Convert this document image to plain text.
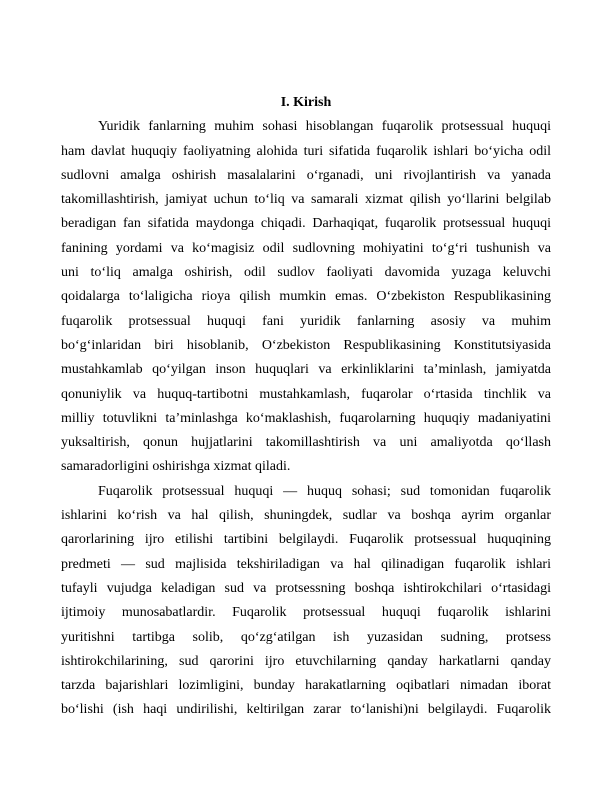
I. Kirish
Yuridik fanlarning muhim sohasi hisoblangan fuqarolik protsessual huquqi
ham davlat huquqiy faoliyatning alohida turi sifatida fuqarolik ishlari bo‘yicha odil
sudlovni amalga oshirish masalalarini o‘rganadi, uni rivojlantirish va yanada
takomillashtirish, jamiyat uchun to‘liq va samarali xizmat qilish yo‘llarini belgilab
beradigan fan sifatida maydonga chiqadi. Darhaqiqat, fuqarolik protsessual huquqi
fanining yordami va ko‘magisiz odil sudlovning mohiyatini to‘g‘ri tushunish va
uni to‘liq amalga oshirish, odil sudlov faoliyati davomida yuzaga keluvchi
qoidalarga to‘laligicha rioya qilish mumkin emas. O‘zbekiston Respublikasining
fuqarolik protsessual huquqi fani yuridik fanlarning asosiy va muhim
bo‘g‘inlaridan biri hisoblanib, O‘zbekiston Respublikasining Konstitutsiyasida
mustahkamlab qo‘yilgan inson huquqlari va erkinliklarini ta’minlash, jamiyatda
qonuniylik va huquq-tartibotni mustahkamlash, fuqarolar o‘rtasida tinchlik va
milliy totuvlikni ta’minlashga ko‘maklashish, fuqarolarning huquqiy madaniyatini
yuksaltirish, qonun hujjatlarini takomillashtirish va uni amaliyotda qo‘llash
samaradorligini oshirishga xizmat qiladi.
Fuqarolik protsessual huquqi — huquq sohasi; sud tomonidan fuqarolik
ishlarini ko‘rish va hal qilish, shuningdek, sudlar va boshqa ayrim organlar
qarorlarining ijro etilishi tartibini belgilaydi. Fuqarolik protsessual huquqining
predmeti — sud majlisida tekshiriladigan va hal qilinadigan fuqarolik ishlari
tufayli vujudga keladigan sud va protsessning boshqa ishtirokchilari o‘rtasidagi
ijtimoiy munosabatlardir. Fuqarolik protsessual huquqi fuqarolik ishlarini
yuritishni tartibga solib, qo‘zg‘atilgan ish yuzasidan sudning, protsess
ishtirokchilarining, sud qarorini ijro etuvchilarning qanday harkatlarni qanday
tarzda bajarishlari lozimligini, bunday harakatlarning oqibatlari nimadan iborat
bo‘lishi (ish haqi undirilishi, keltirilgan zarar to‘lanishi)ni belgilaydi. Fuqarolik
